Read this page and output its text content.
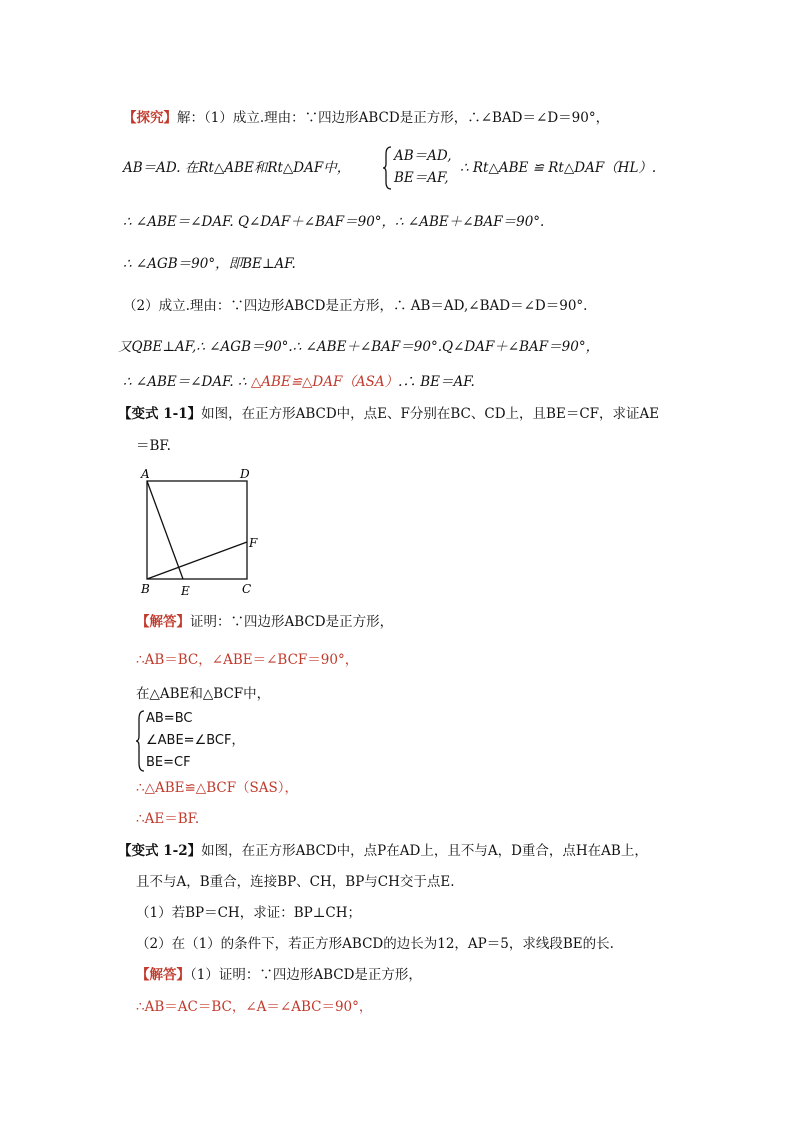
【探究】解：（1）成立.理由：∵四边形ABCD是正方形，∴∠BAD＝∠D＝90°，
AB＝AD. 在Rt△ABE和Rt△DAF中，
AB＝AD,
BE＝AF,
∴ Rt△ABE ≌ Rt△DAF（HL）.
∴ ∠ABE＝∠DAF. Q∠DAF＋∠BAF＝90°，∴ ∠ABE＋∠BAF＝90°.
∴ ∠AGB＝90°，即BE⊥AF.
（2）成立.理由：∵四边形ABCD是正方形，∴ AB＝AD,∠BAD＝∠D＝90°.
又QBE⊥AF,∴ ∠AGB＝90°.∴ ∠ABE＋∠BAF＝90°.Q∠DAF＋∠BAF＝90°，
∴ ∠ABE＝∠DAF. ∴ △ABE≌△DAF（ASA）.∴ BE＝AF.
【变式 1-1】如图，在正方形ABCD中，点E、F分别在BC、CD上，且BE＝CF，求证AE
＝BF.
A	D
F
B	E	C
【解答】证明：∵四边形ABCD是正方形，
∴AB＝BC，∠ABE＝∠BCF＝90°，
在△ABE和△BCF中，
AB=BC
∠ABE=∠BCF，
BE=CF
∴△ABE≌△BCF（SAS），
∴AE＝BF.
【变式 1-2】如图，在正方形ABCD中，点P在AD上，且不与A，D重合，点H在AB上，
且不与A，B重合，连接BP、CH，BP与CH交于点E.
（1）若BP＝CH，求证：BP⊥CH；
（2）在（1）的条件下，若正方形ABCD的边长为12，AP＝5，求线段BE的长.
【解答】（1）证明：∵四边形ABCD是正方形，
∴AB＝AC＝BC，∠A＝∠ABC＝90°，
